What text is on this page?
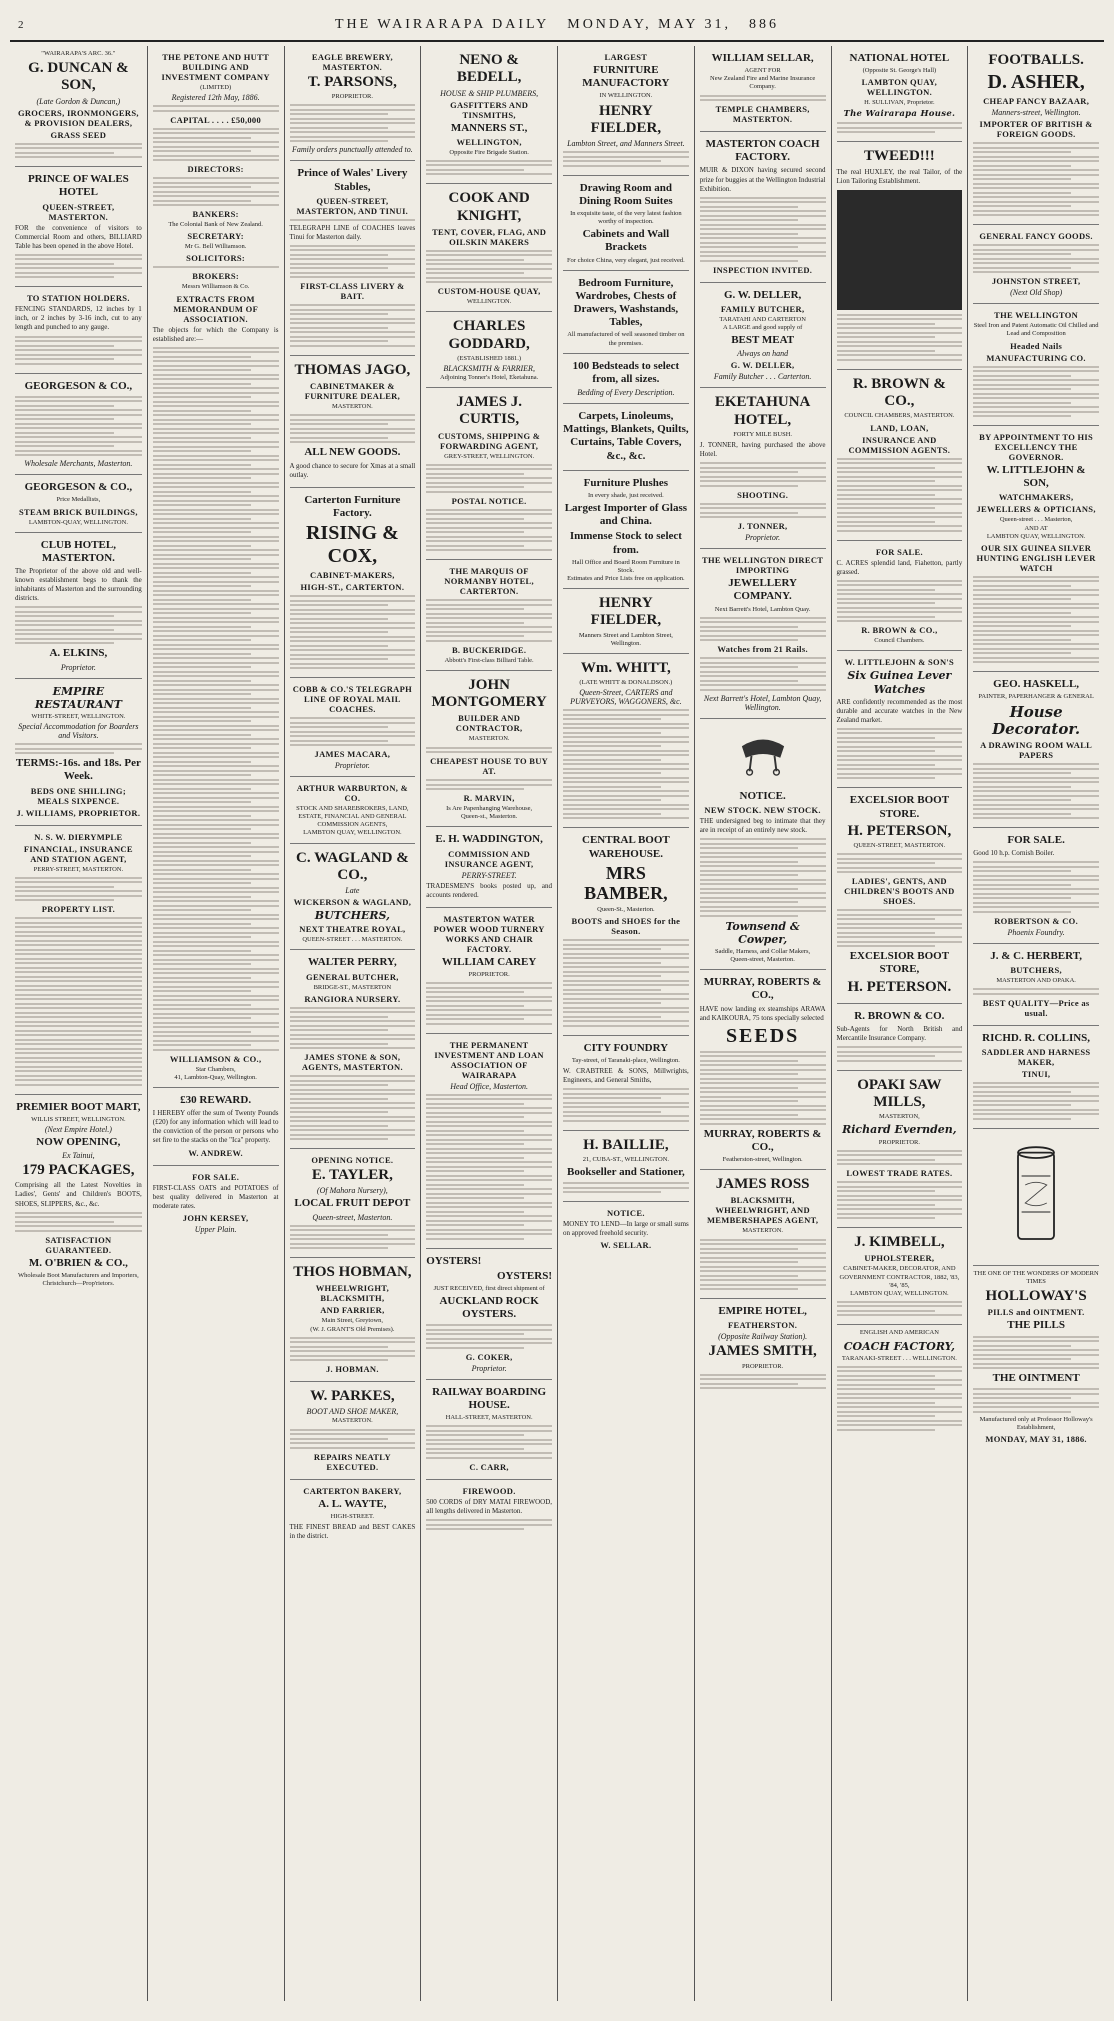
2	THE WAIRARAPA DAILY MONDAY, MAY 31, 886
"WAIRARAPA'S ARC. 36."
G. DUNCAN & SON,
(Late Gordon & Duncan,)
GROCERS, IRONMONGERS, & PROVISION DEALERS,
GRASS SEED
PRINCE OF WALES HOTEL
QUEEN-STREET, MASTERTON.
FOR the convenience of visitors to Commercial Room and others, BILLIARD Table has been opened in the above Hotel.
TO STATION HOLDERS.
FENCING STANDARDS, 12 inches by 1 inch, or 2 inches by 3-16 inch, cut to any length and punched to any gauge.
GEORGESON & CO.,
Wholesale Merchants, Masterton.
GEORGESON & CO.,
Price Medallists,
STEAM BRICK BUILDINGS,
LAMBTON-QUAY, WELLINGTON.
CLUB HOTEL, MASTERTON.
The Proprietor of the above old and well-known establishment begs to thank the inhabitants of Masterton and the surrounding districts.
A. ELKINS,
Proprietor.
EMPIRE RESTAURANT
WHITE-STREET, WELLINGTON.
Special Accommodation for Boarders and Visitors.
TERMS:-16s. and 18s. Per Week.
BEDS ONE SHILLING; MEALS SIXPENCE.
J. WILLIAMS, PROPRIETOR.
N. S. W. DIERYMPLE
FINANCIAL, INSURANCE AND STATION AGENT,
PERRY-STREET, MASTERTON.
PROPERTY LIST.
PREMIER BOOT MART,
WILLIS STREET, WELLINGTON.
(Next Empire Hotel.)
NOW OPENING,
Ex Tainui,
179 PACKAGES,
Comprising all the Latest Novelties in Ladies', Gents' and Children's BOOTS, SHOES, SLIPPERS, &c., &c.
SATISFACTION GUARANTEED.
M. O'BRIEN & CO.,
Wholesale Boot Manufacturers and Importers, Christchurch—Prop'rietors.
THE PETONE AND HUTT BUILDING AND INVESTMENT COMPANY
(LIMITED)
Registered 12th May, 1886.
CAPITAL . . . . £50,000
DIRECTORS:
BANKERS:
The Colonial Bank of New Zealand.
SECRETARY:
Mr G. Bell Williamson.
SOLICITORS:
BROKERS:
Messrs Williamson & Co.
EXTRACTS FROM MEMORANDUM OF ASSOCIATION.
The objects for which the Company is established are:—
WILLIAMSON & CO.,
Star Chambers,
41, Lambton-Quay, Wellington.
£30 REWARD.
I HEREBY offer the sum of Twenty Pounds (£20) for any information which will lead to the conviction of the person or persons who set fire to the stacks on the "Ica" property.
W. ANDREW.
FOR SALE.
FIRST-CLASS OATS and POTATOES of best quality delivered in Masterton at moderate rates.
JOHN KERSEY,
Upper Plain.
EAGLE BREWERY, MASTERTON.
T. PARSONS,
PROPRIETOR.
Family orders punctually attended to.
Prince of Wales' Livery Stables,
QUEEN-STREET, MASTERTON, AND TINUI.
TELEGRAPH LINE of COACHES leaves Tinui for Masterton daily.
FIRST-CLASS LIVERY & BAIT.
THOMAS JAGO,
CABINETMAKER & FURNITURE DEALER,
MASTERTON.
ALL NEW GOODS.
A good chance to secure for Xmas at a small outlay.
Carterton Furniture Factory.
RISING & COX,
CABINET-MAKERS,
HIGH-ST., CARTERTON.
COBB & CO.'S TELEGRAPH LINE OF ROYAL MAIL COACHES.
JAMES MACARA,
Proprietor.
ARTHUR WARBURTON, & CO.
STOCK AND SHAREBROKERS, LAND, ESTATE, FINANCIAL AND GENERAL COMMISSION AGENTS,
LAMBTON QUAY, WELLINGTON.
C. WAGLAND & CO.,
Late
WICKERSON & WAGLAND,
BUTCHERS,
NEXT THEATRE ROYAL,
QUEEN-STREET . . . MASTERTON.
WALTER PERRY,
GENERAL BUTCHER,
BRIDGE-ST., MASTERTON
RANGIORA NURSERY.
JAMES STONE & SON, AGENTS, MASTERTON.
OPENING NOTICE.
E. TAYLER,
(Of Mahora Nursery),
LOCAL FRUIT DEPOT
Queen-street, Masterton.
THOS HOBMAN,
WHEELWRIGHT, BLACKSMITH,
AND FARRIER,
Main Street, Greytown,
(W. J. GRANT'S Old Premises).
J. HOBMAN.
W. PARKES,
BOOT AND SHOE MAKER,
MASTERTON.
REPAIRS NEATLY EXECUTED.
CARTERTON BAKERY,
A. L. WAYTE,
HIGH-STREET.
THE FINEST BREAD and BEST CAKES in the district.
NENO & BEDELL,
HOUSE & SHIP PLUMBERS,
GASFITTERS AND TINSMITHS,
MANNERS ST.,
WELLINGTON,
Opposite Fire Brigade Station.
COOK AND KNIGHT,
TENT, COVER, FLAG, AND OILSKIN MAKERS
CUSTOM-HOUSE QUAY,
WELLINGTON.
CHARLES GODDARD,
(ESTABLISHED 1881.)
BLACKSMITH & FARRIER,
Adjoining Tonner's Hotel, Eketahuna.
JAMES J. CURTIS,
CUSTOMS, SHIPPING & FORWARDING AGENT,
GREY-STREET, WELLINGTON.
POSTAL NOTICE.
THE MARQUIS OF NORMANBY HOTEL, CARTERTON.
B. BUCKERIDGE.
Abbott's First-class Billiard Table.
JOHN MONTGOMERY
BUILDER AND CONTRACTOR,
MASTERTON.
CHEAPEST HOUSE TO BUY AT.
R. MARVIN,
Is Are Papenhanging Warehouse,
Queen-st., Masterton.
E. H. WADDINGTON,
COMMISSION AND INSURANCE AGENT,
PERRY-STREET.
TRADESMEN'S books posted up, and accounts rendered.
MASTERTON WATER POWER WOOD TURNERY WORKS AND CHAIR FACTORY.
WILLIAM CAREY
PROPRIETOR.
THE PERMANENT INVESTMENT AND LOAN ASSOCIATION OF WAIRARAPA
Head Office, Masterton.
OYSTERS!
OYSTERS!
JUST RECEIVED, first direct shipment of
AUCKLAND ROCK OYSTERS.
G. COKER,
Proprietor.
RAILWAY BOARDING HOUSE.
HALL-STREET, MASTERTON.
C. CARR,
FIREWOOD.
500 CORDS of DRY MATAI FIREWOOD, all lengths delivered in Masterton.
LARGEST
FURNITURE MANUFACTORY
IN WELLINGTON.
HENRY FIELDER,
Lambton Street, and Manners Street.
Drawing Room and Dining Room Suites
In exquisite taste, of the very latest fashion worthy of inspection.
Cabinets and Wall Brackets
For choice China, very elegant, just received.
Bedroom Furniture, Wardrobes, Chests of Drawers, Washstands, Tables,
All manufactured of well seasoned timber on the premises.
100 Bedsteads to select from, all sizes.
Bedding of Every Description.
Carpets, Linoleums, Mattings, Blankets, Quilts, Curtains, Table Covers, &c., &c.
Furniture Plushes
In every shade, just received.
Largest Importer of Glass and China.
Immense Stock to select from.
Hall Office and Board Room Furniture in Stock.
Estimates and Price Lists free on application.
HENRY FIELDER,
Manners Street and Lambton Street,
Wellington.
Wm. WHITT,
(LATE WHITT & DONALDSON.)
Queen-Street, CARTERS and PURVEYORS, WAGGONERS, &c.
CENTRAL BOOT WAREHOUSE.
MRS BAMBER,
Queen-St., Masterton.
BOOTS and SHOES for the Season.
CITY FOUNDRY
Tay-street, of Taranaki-place, Wellington.
W. CRABTREE & SONS, Millwrights, Engineers, and General Smiths,
H. BAILLIE,
21, CUBA-ST., WELLINGTON.
Bookseller and Stationer,
NOTICE.
MONEY TO LEND—In large or small sums on approved freehold security.
W. SELLAR.
WILLIAM SELLAR,
AGENT FOR
New Zealand Fire and Marine Insurance Company.
TEMPLE CHAMBERS, MASTERTON.
MASTERTON COACH FACTORY.
MUIR & DIXON having secured second prize for buggies at the Wellington Industrial Exhibition.
INSPECTION INVITED.
G. W. DELLER,
FAMILY BUTCHER,
TARATAHI AND CARTERTON
A LARGE and good supply of
BEST MEAT
Always on hand
G. W. DELLER,
Family Butcher . . . Carterton.
EKETAHUNA HOTEL,
FORTY MILE BUSH.
J. TONNER, having purchased the above Hotel.
SHOOTING.
J. TONNER,
Proprietor.
THE WELLINGTON DIRECT IMPORTING
JEWELLERY COMPANY.
Next Barrett's Hotel, Lambton Quay.
Watches from 21 Rails.
Next Barrett's Hotel, Lambton Quay, Wellington.
NOTICE.
NEW STOCK. NEW STOCK.
THE undersigned beg to intimate that they are in receipt of an entirely new stock.
Townsend & Cowper,
Saddle, Harness, and Collar Makers,
Queen-street, Masterton.
MURRAY, ROBERTS & CO.,
HAVE now landing ex steamships ARAWA and KAIKOURA, 75 tons specially selected
SEEDS
MURRAY, ROBERTS & CO.,
Featherston-street, Wellington.
JAMES ROSS
BLACKSMITH, WHEELWRIGHT, AND MEMBERSHAPES AGENT,
MASTERTON.
EMPIRE HOTEL,
FEATHERSTON.
(Opposite Railway Station).
JAMES SMITH,
PROPRIETOR.
NATIONAL HOTEL
(Opposite St. George's Hall)
LAMBTON QUAY, WELLINGTON.
H. SULLIVAN, Proprietor.
The Wairarapa House.
TWEED!!!
The real HUXLEY, the real Tailor, of the Lion Tailoring Establishment.
R. BROWN & CO.,
COUNCIL CHAMBERS, MASTERTON.
LAND, LOAN,
INSURANCE AND COMMISSION AGENTS.
FOR SALE.
C. ACRES splendid land, Fiahetton, partly grassed.
R. BROWN & CO.,
Council Chambers.
W. LITTLEJOHN & SON'S
Six Guinea Lever Watches
ARE confidently recommended as the most durable and accurate watches in the New Zealand market.
EXCELSIOR BOOT STORE.
H. PETERSON,
QUEEN-STREET, MASTERTON.
LADIES', GENTS, AND CHILDREN'S BOOTS AND SHOES.
EXCELSIOR BOOT STORE,
H. PETERSON.
R. BROWN & CO.
Sub-Agents for North British and Mercantile Insurance Company.
OPAKI SAW MILLS,
MASTERTON,
Richard Evernden,
PROPRIETOR.
LOWEST TRADE RATES.
J. KIMBELL,
UPHOLSTERER,
CABINET-MAKER, DECORATOR, AND GOVERNMENT CONTRACTOR, 1882, '83, '84, '85,
LAMBTON QUAY, WELLINGTON.
ENGLISH AND AMERICAN
COACH FACTORY,
TARANAKI-STREET . . . WELLINGTON.
FOOTBALLS.
D. ASHER,
CHEAP FANCY BAZAAR,
Manners-street, Wellington.
IMPORTER OF BRITISH & FOREIGN GOODS.
GENERAL FANCY GOODS.
JOHNSTON STREET,
(Next Old Shop)
THE WELLINGTON
Steel Iron and Patent Automatic Oil Chilled and Lead and Composition
Headed Nails
MANUFACTURING CO.
BY APPOINTMENT TO HIS EXCELLENCY THE GOVERNOR.
W. LITTLEJOHN & SON,
WATCHMAKERS,
JEWELLERS & OPTICIANS,
Queen-street . . . Masterton,
AND AT
LAMBTON QUAY, WELLINGTON.
OUR SIX GUINEA SILVER HUNTING ENGLISH LEVER WATCH
GEO. HASKELL,
PAINTER, PAPERHANGER & GENERAL
House Decorator.
A DRAWING ROOM WALL PAPERS
FOR SALE.
Good 10 h.p. Cornish Boiler.
ROBERTSON & CO.
Phoenix Foundry.
J. & C. HERBERT,
BUTCHERS,
MASTERTON AND OPAKA.
BEST QUALITY—Price as usual.
RICHD. R. COLLINS,
SADDLER AND HARNESS MAKER,
TINUI,
THE ONE OF THE WONDERS OF MODERN TIMES
HOLLOWAY'S
PILLS and OINTMENT.
THE PILLS
THE OINTMENT
Manufactured only at Professor Holloway's Establishment,
MONDAY, MAY 31, 1886.
